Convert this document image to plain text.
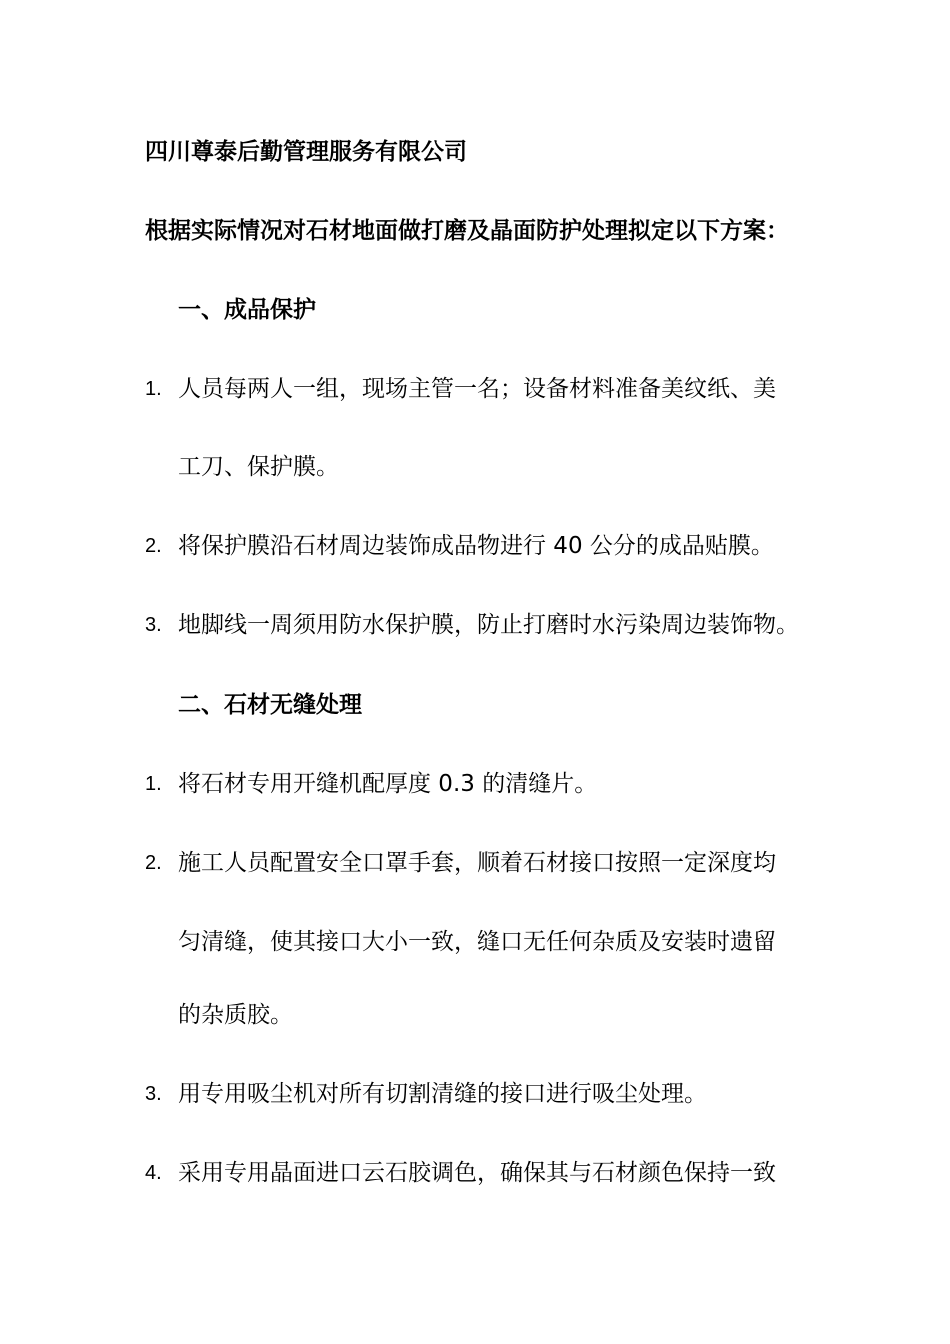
四川尊泰后勤管理服务有限公司
根据实际情况对石材地面做打磨及晶面防护处理拟定以下方案：
一、成品保护
1. 人员每两人一组，现场主管一名；设备材料准备美纹纸、美
工刀、保护膜。
2. 将保护膜沿石材周边装饰成品物进行 40 公分的成品贴膜。
3. 地脚线一周须用防水保护膜，防止打磨时水污染周边装饰物。
二、石材无缝处理
1. 将石材专用开缝机配厚度 0.3 的清缝片。
2. 施工人员配置安全口罩手套，顺着石材接口按照一定深度均
匀清缝，使其接口大小一致，缝口无任何杂质及安装时遗留
的杂质胶。
3. 用专用吸尘机对所有切割清缝的接口进行吸尘处理。
4. 采用专用晶面进口云石胶调色，确保其与石材颜色保持一致
